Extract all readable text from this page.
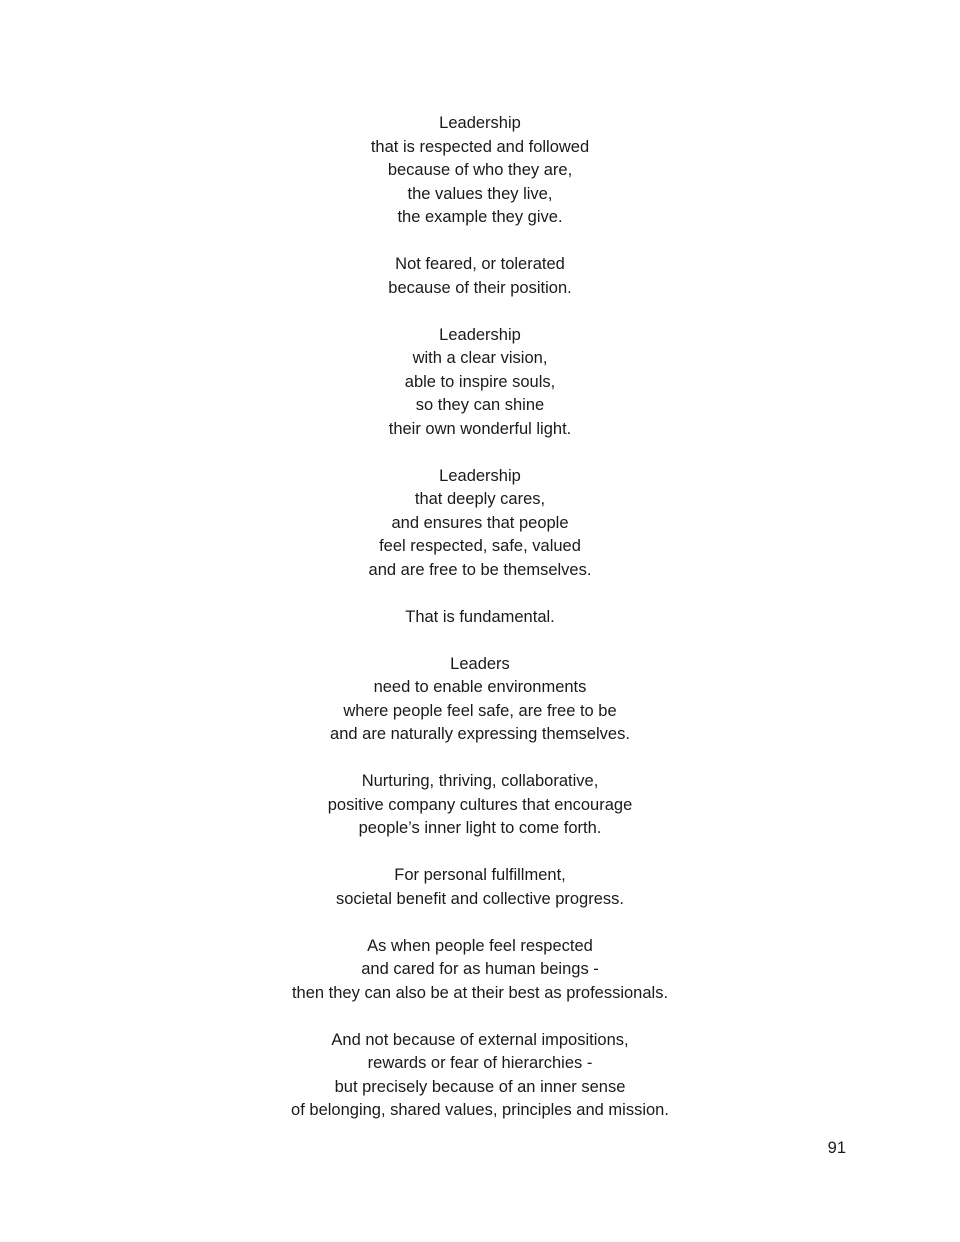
Leadership
that is respected and followed
because of who they are,
the values they live,
the example they give.
Not feared, or tolerated
because of their position.
Leadership
with a clear vision,
able to inspire souls,
so they can shine
their own wonderful light.
Leadership
that deeply cares,
and ensures that people
feel respected, safe, valued
and are free to be themselves.
That is fundamental.
Leaders
need to enable environments
where people feel safe, are free to be
and are naturally expressing themselves.
Nurturing, thriving, collaborative,
positive company cultures that encourage
people’s inner light to come forth.
For personal fulfillment,
societal benefit and collective progress.
As when people feel respected
and cared for as human beings -
then they can also be at their best as professionals.
And not because of external impositions,
rewards or fear of hierarchies -
but precisely because of an inner sense
of belonging, shared values, principles and mission.
91
